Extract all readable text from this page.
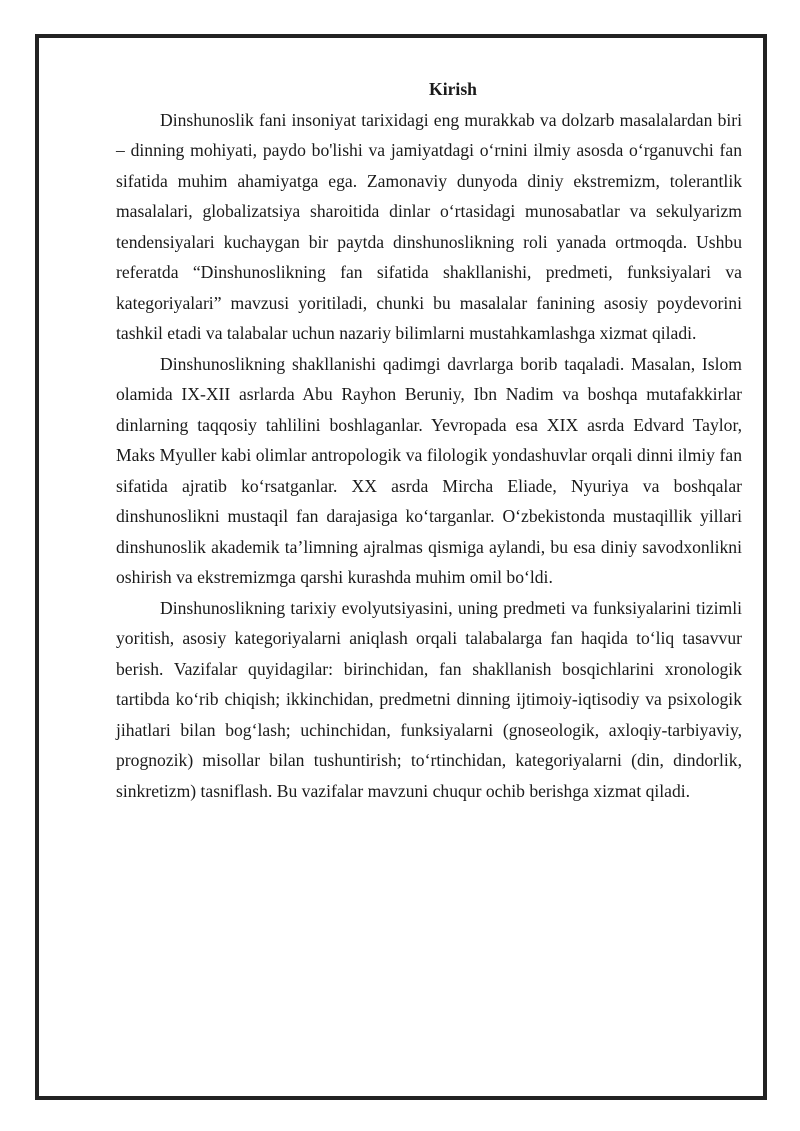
Kirish

Dinshunoslik fani insoniyat tarixidagi eng murakkab va dolzarb masalalardan biri – dinning mohiyati, paydo bo'lishi va jamiyatdagi o‘rnini ilmiy asosda o‘rganuvchi fan sifatida muhim ahamiyatga ega. Zamonaviy dunyoda diniy ekstremizm, tolerantlik masalalari, globalizatsiya sharoitida dinlar o‘rtasidagi munosabatlar va sekulyarizm tendensiyalari kuchaygan bir paytda dinshunoslikning roli yanada ortmoqda. Ushbu referatda “Dinshunoslikning fan sifatida shakllanishi, predmeti, funksiyalari va kategoriyalari” mavzusi yoritiladi, chunki bu masalalar fanining asosiy poydevorini tashkil etadi va talabalar uchun nazariy bilimlarni mustahkamlashga xizmat qiladi.

Dinshunoslikning shakllanishi qadimgi davrlarga borib taqaladi. Masalan, Islom olamida IX-XII asrlarda Abu Rayhon Beruniy, Ibn Nadim va boshqa mutafakkirlar dinlarning taqqosiy tahlilini boshlaganlar. Yevropada esa XIX asrda Edvard Taylor, Maks Myuller kabi olimlar antropologik va filologik yondashuvlar orqali dinni ilmiy fan sifatida ajratib ko‘rsatganlar. XX asrda Mircha Eliade, Nyuriya va boshqalar dinshunoslikni mustaqil fan darajasiga ko‘targanlar. O‘zbekistonda mustaqillik yillari dinshunoslik akademik ta’limning ajralmas qismiga aylandi, bu esa diniy savodxonlikni oshirish va ekstremizmga qarshi kurashda muhim omil bo‘ldi.

Dinshunoslikning tarixiy evolyutsiyasini, uning predmeti va funksiyalarini tizimli yoritish, asosiy kategoriyalarni aniqlash orqali talabalarga fan haqida to‘liq tasavvur berish. Vazifalar quyidagilar: birinchidan, fan shakllanish bosqichlarini xronologik tartibda ko‘rib chiqish; ikkinchidan, predmetni dinning ijtimoiy-iqtisodiy va psixologik jihatlari bilan bog‘lash; uchinchidan, funksiyalarni (gnoseologik, axloqiy-tarbiyaviy, prognozik) misollar bilan tushuntirish; to‘rtinchidan, kategoriyalarni (din, dindorlik, sinkretizm) tasniflash. Bu vazifalar mavzuni chuqur ochib berishga xizmat qiladi.
